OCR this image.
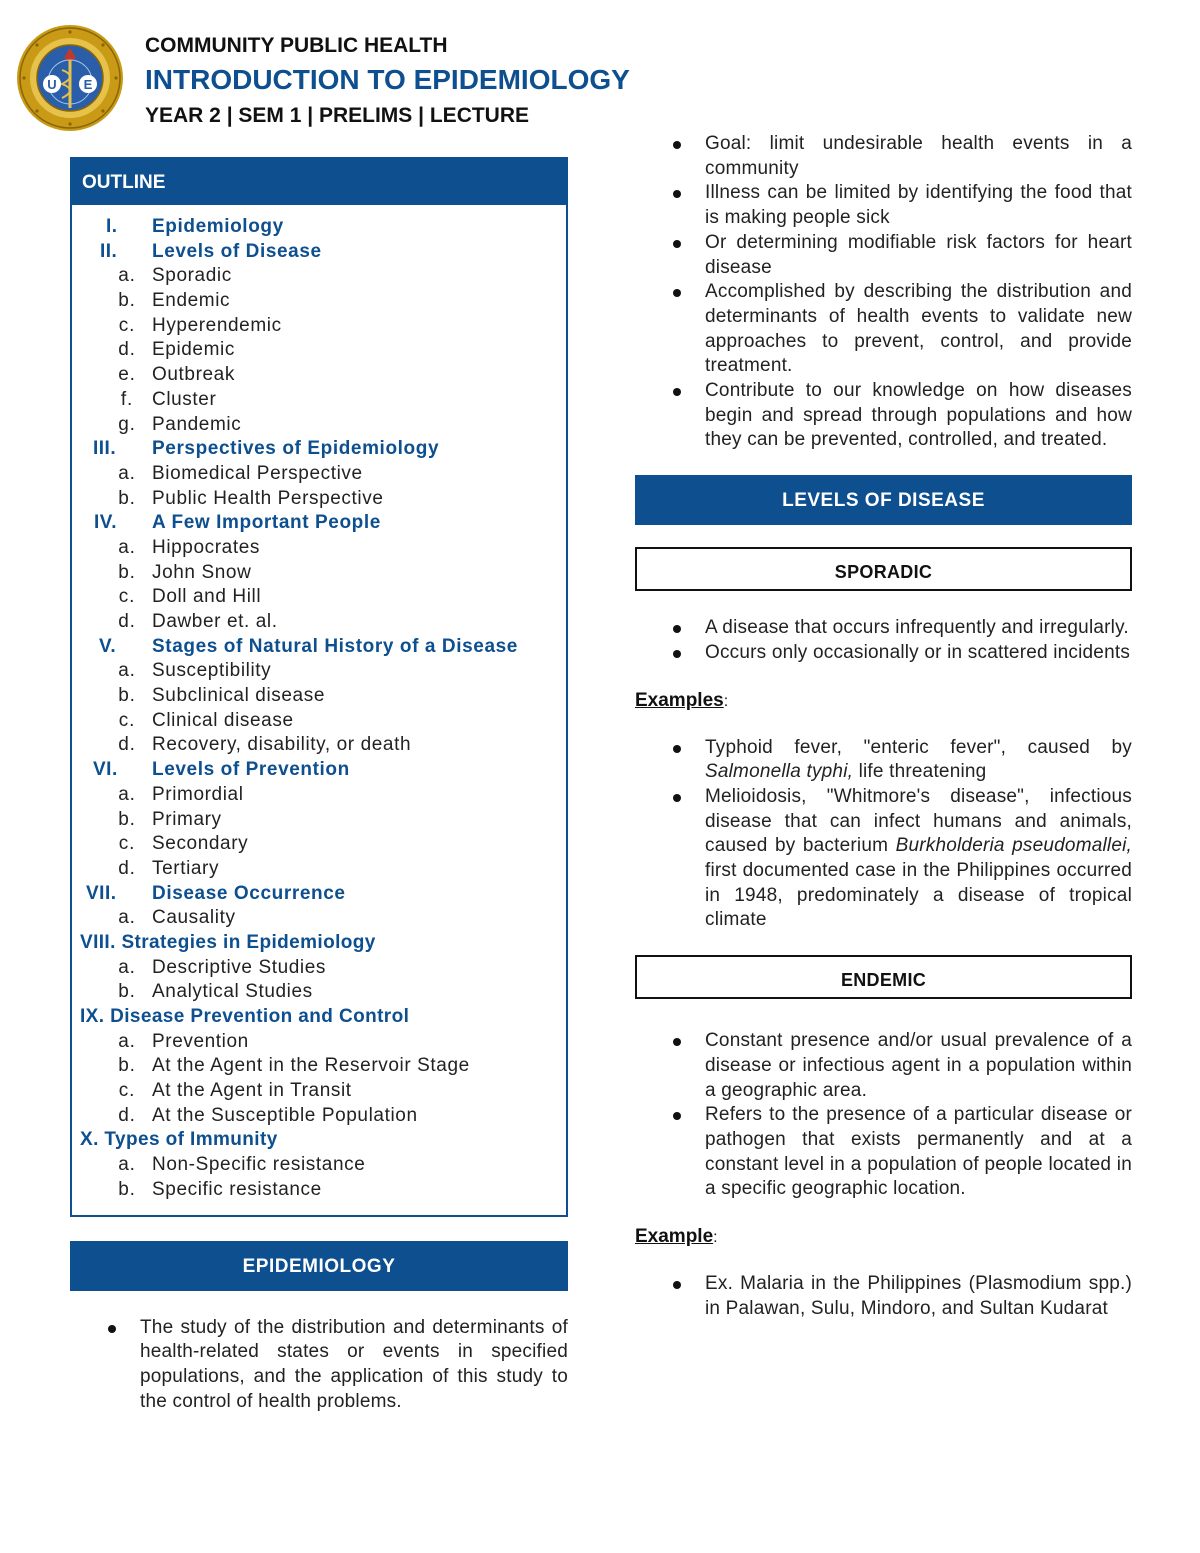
U E
COMMUNITY PUBLIC HEALTH
INTRODUCTION TO EPIDEMIOLOGY
YEAR 2 | SEM 1 | PRELIMS | LECTURE
OUTLINE
I. Epidemiology
II. Levels of Disease
a. Sporadic
b. Endemic
c. Hyperendemic
d. Epidemic
e. Outbreak
f. Cluster
g. Pandemic
III. Perspectives of Epidemiology
a. Biomedical Perspective
b. Public Health Perspective
IV. A Few Important People
a. Hippocrates
b. John Snow
c. Doll and Hill
d. Dawber et. al.
V. Stages of Natural History of a Disease
a. Susceptibility
b. Subclinical disease
c. Clinical disease
d. Recovery, disability, or death
VI. Levels of Prevention
a. Primordial
b. Primary
c. Secondary
d. Tertiary
VII. Disease Occurrence
a. Causality
VIII. Strategies in Epidemiology
a. Descriptive Studies
b. Analytical Studies
IX. Disease Prevention and Control
a. Prevention
b. At the Agent in the Reservoir Stage
c. At the Agent in Transit
d. At the Susceptible Population
X. Types of Immunity
a. Non-Specific resistance
b. Specific resistance
EPIDEMIOLOGY
The study of the distribution and determinants of health-related states or events in specified populations, and the application of this study to the control of health problems.
Goal: limit undesirable health events in a community
Illness can be limited by identifying the food that is making people sick
Or determining modifiable risk factors for heart disease
Accomplished by describing the distribution and determinants of health events to validate new approaches to prevent, control, and provide treatment.
Contribute to our knowledge on how diseases begin and spread through populations and how they can be prevented, controlled, and treated.
LEVELS OF DISEASE
SPORADIC
A disease that occurs infrequently and irregularly.
Occurs only occasionally or in scattered incidents
Examples:
Typhoid fever, "enteric fever", caused by Salmonella typhi, life threatening
Melioidosis, "Whitmore's disease", infectious disease that can infect humans and animals, caused by bacterium Burkholderia pseudomallei, first documented case in the Philippines occurred in 1948, predominately a disease of tropical climate
ENDEMIC
Constant presence and/or usual prevalence of a disease or infectious agent in a population within a geographic area.
Refers to the presence of a particular disease or pathogen that exists permanently and at a constant level in a population of people located in a specific geographic location.
Example:
Ex. Malaria in the Philippines (Plasmodium spp.) in Palawan, Sulu, Mindoro, and Sultan Kudarat
